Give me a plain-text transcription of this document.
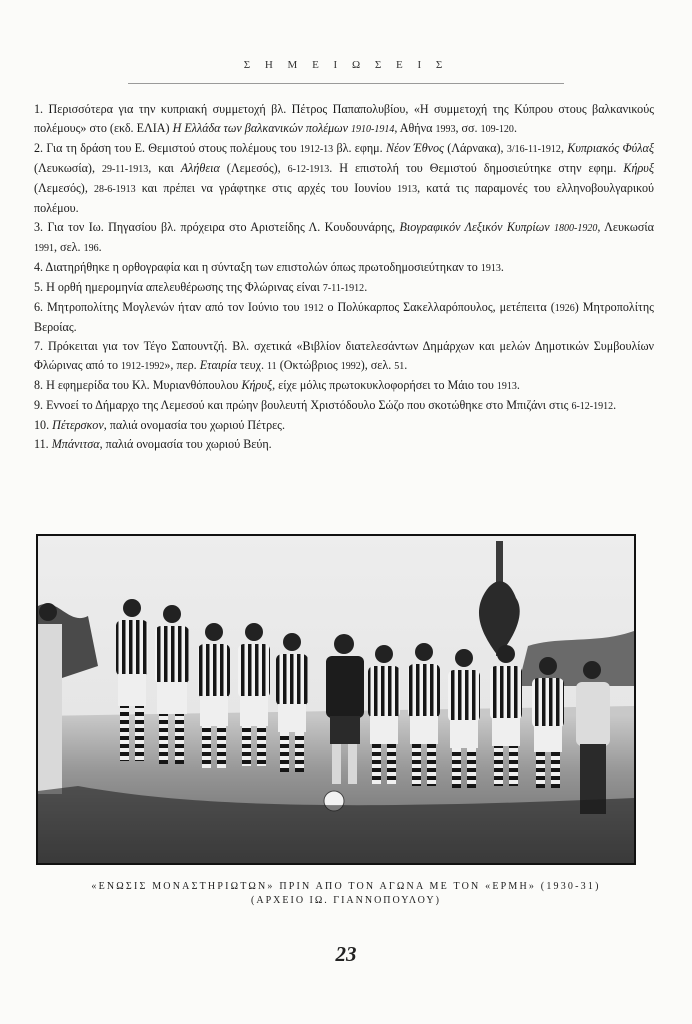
Σ Η Μ Ε Ι Ω Σ Ε Ι Σ
1. Περισσότερα για την κυπριακή συμμετοχή βλ. Πέτρος Παπαπολυβίου, «Η συμμετοχή της Κύπρου στους βαλκανικούς πολέμους» στο (εκδ. ΕΛΙΑ) Η Ελλάδα των βαλκανικών πολέμων 1910-1914, Αθήνα 1993, σσ. 109-120.
2. Για τη δράση του Ε. Θεμιστού στους πολέμους του 1912-13 βλ. εφημ. Νέον Έθνος (Λάρνακα), 3/16-11-1912, Κυπριακός Φύλαξ (Λευκωσία), 29-11-1913, και Αλήθεια (Λεμεσός), 6-12-1913. Η επιστολή του Θεμιστού δημοσιεύτηκε στην εφημ. Κήρυξ (Λεμεσός), 28-6-1913 και πρέπει να γράφτηκε στις αρχές του Ιουνίου 1913, κατά τις παραμονές του ελληνοβουλγαρικού πολέμου.
3. Για τον Ιω. Πηγασίου βλ. πρόχειρα στο Αριστείδης Λ. Κουδουνάρης, Βιογραφικόν Λεξικόν Κυπρίων 1800-1920, Λευκωσία 1991, σελ. 196.
4. Διατηρήθηκε η ορθογραφία και η σύνταξη των επιστολών όπως πρωτοδημοσιεύτηκαν το 1913.
5. Η ορθή ημερομηνία απελευθέρωσης της Φλώρινας είναι 7-11-1912.
6. Μητροπολίτης Μογλενών ήταν από τον Ιούνιο του 1912 ο Πολύκαρπος Σακελλαρόπουλος, μετέπειτα (1926) Μητροπολίτης Βεροίας.
7. Πρόκειται για τον Τέγο Σαπουντζή. Βλ. σχετικά «Βιβλίον διατελεσάντων Δημάρχων και μελών Δημοτικών Συμβουλίων Φλώρινας από το 1912-1992», περ. Εταιρία τευχ. 11 (Οκτώβριος 1992), σελ. 51.
8. Η εφημερίδα του Κλ. Μυριανθόπουλου Κήρυξ, είχε μόλις πρωτοκυκλοφορήσει το Μάιο του 1913.
9. Εννοεί το Δήμαρχο της Λεμεσού και πρώην βουλευτή Χριστόδουλο Σώζο που σκοτώθηκε στο Μπιζάνι στις 6-12-1912.
10. Πέτερσκον, παλιά ονομασία του χωριού Πέτρες.
11. Μπάνιτσα, παλιά ονομασία του χωριού Βεύη.
«ΕΝΩΣΙΣ ΜΟΝΑΣΤΗΡΙΩΤΩΝ» ΠΡΙΝ ΑΠΟ ΤΟΝ ΑΓΩΝΑ ΜΕ ΤΟΝ «ΕΡΜΗ» (1930-31)
(ΑΡΧΕΙΟ ΙΩ. ΓΙΑΝΝΟΠΟΥΛΟΥ)
23
